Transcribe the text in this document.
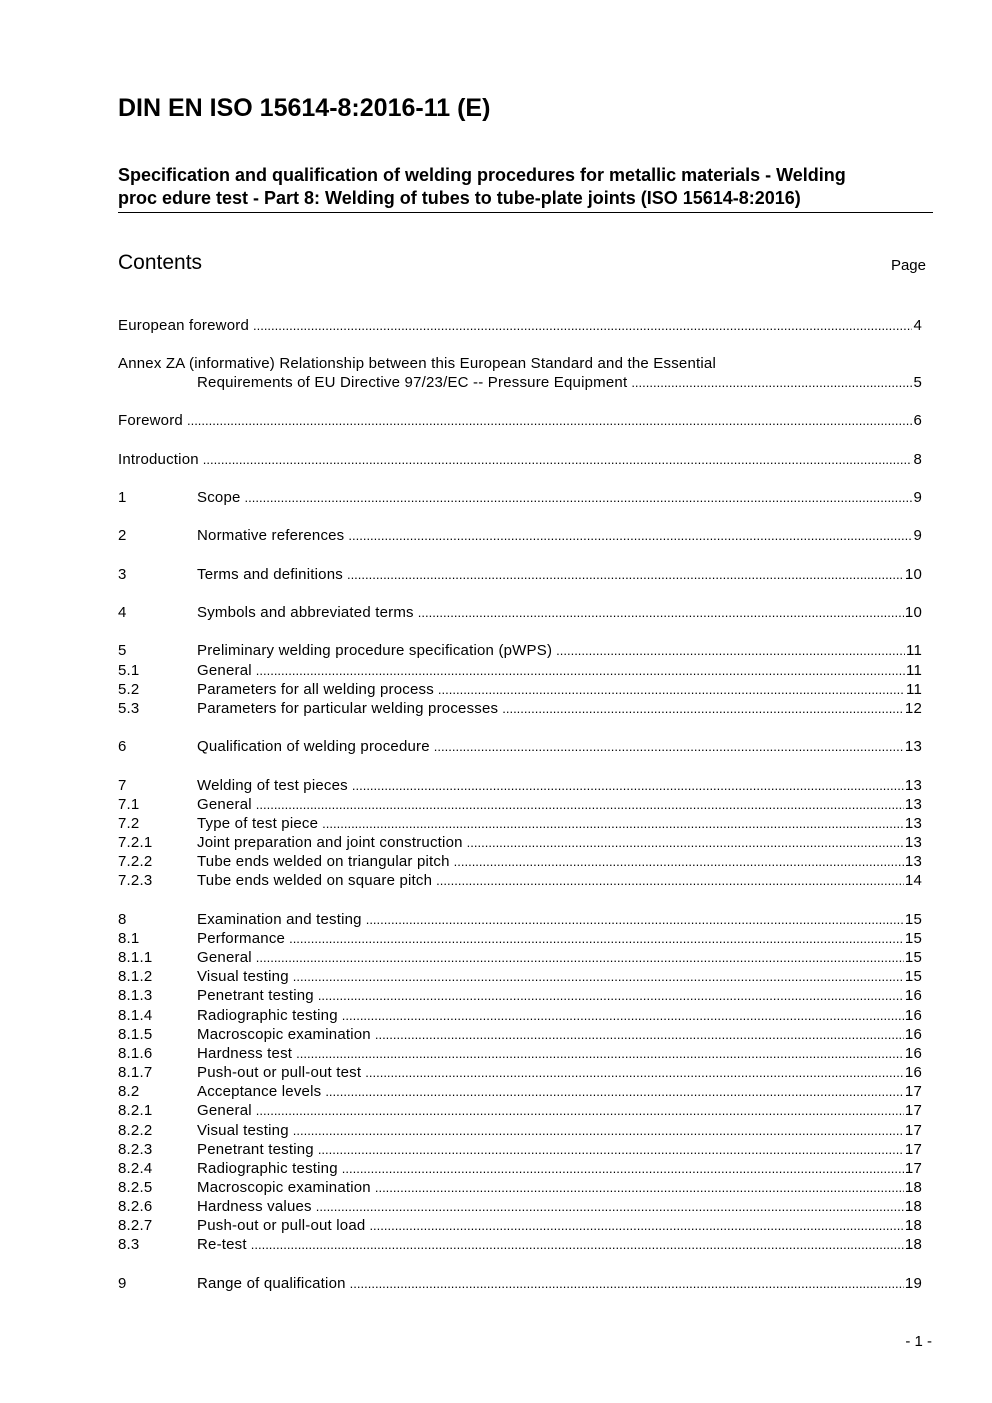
DIN EN ISO 15614-8:2016-11 (E)
Specification and qualification of welding procedures for metallic materials - Welding
proc edure test - Part 8: Welding of tubes to tube-plate joints (ISO 15614-8:2016)
Contents	Page
European foreword .....	4
Annex ZA (informative) Relationship between this European Standard and the Essential
Requirements of EU Directive 97/23/EC -- Pressure Equipment .....	5
Foreword .....	6
Introduction .....	8
1	Scope .....	9
2	Normative references .....	9
3	Terms and definitions .....	10
4	Symbols and abbreviated terms .....	10
5	Preliminary welding procedure specification (pWPS) .....	11
5.1	General .....	11
5.2	Parameters for all welding process .....	11
5.3	Parameters for particular welding processes .....	12
6	Qualification of welding procedure .....	13
7	Welding of test pieces .....	13
7.1	General .....	13
7.2	Type of test piece .....	13
7.2.1	Joint preparation and joint construction .....	13
7.2.2	Tube ends welded on triangular pitch .....	13
7.2.3	Tube ends welded on square pitch .....	14
8	Examination and testing .....	15
8.1	Performance .....	15
8.1.1	General .....	15
8.1.2	Visual testing .....	15
8.1.3	Penetrant testing .....	16
8.1.4	Radiographic testing .....	16
8.1.5	Macroscopic examination .....	16
8.1.6	Hardness test .....	16
8.1.7	Push-out or pull-out test .....	16
8.2	Acceptance levels .....	17
8.2.1	General .....	17
8.2.2	Visual testing .....	17
8.2.3	Penetrant testing .....	17
8.2.4	Radiographic testing .....	17
8.2.5	Macroscopic examination .....	18
8.2.6	Hardness values .....	18
8.2.7	Push-out or pull-out load .....	18
8.3	Re-test .....	18
9	Range of qualification .....	19
- 1 -
